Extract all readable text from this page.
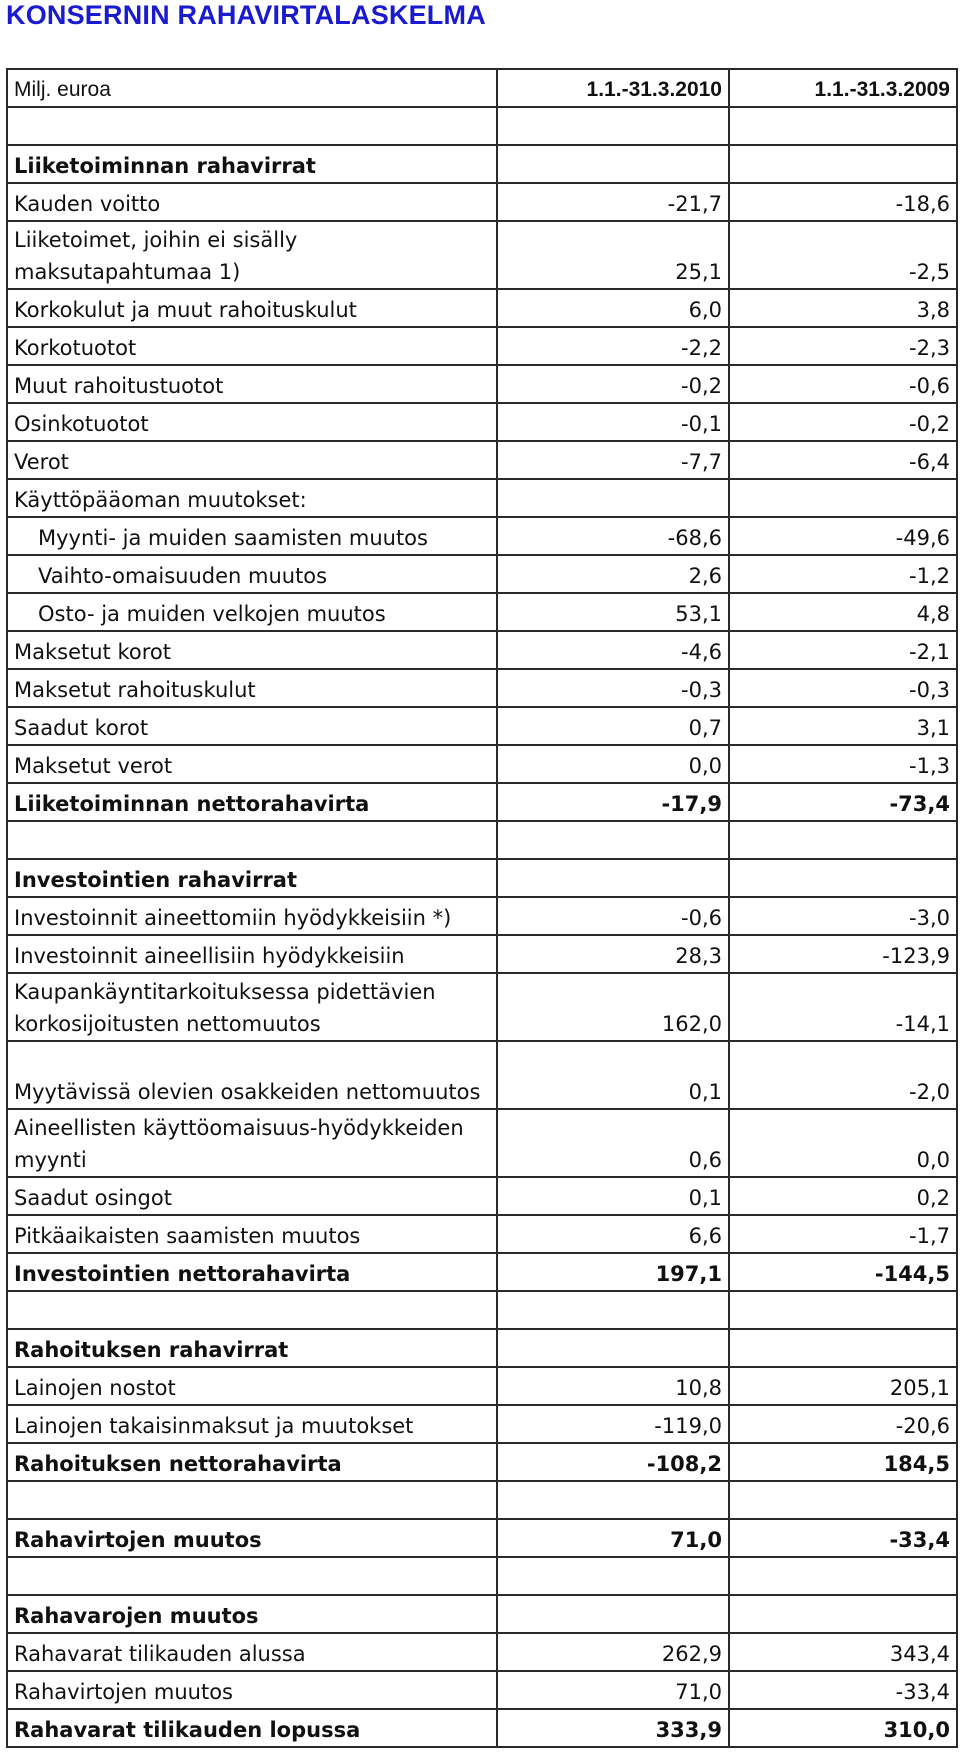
KONSERNIN RAHAVIRTALASKELMA
Milj. euroa	1.1.-31.3.2010	1.1.-31.3.2009

Liiketoiminnan rahavirrat		
Kauden voitto	-21,7	-18,6
Liiketoimet, joihin ei sisälly maksutapahtumaa 1)	25,1	-2,5
Korkokulut ja muut rahoituskulut	6,0	3,8
Korkotuotot	-2,2	-2,3
Muut rahoitustuotot	-0,2	-0,6
Osinkotuotot	-0,1	-0,2
Verot	-7,7	-6,4
Käyttöpääoman muutokset:		
Myynti- ja muiden saamisten muutos	-68,6	-49,6
Vaihto-omaisuuden muutos	2,6	-1,2
Osto- ja muiden velkojen muutos	53,1	4,8
Maksetut korot	-4,6	-2,1
Maksetut rahoituskulut	-0,3	-0,3
Saadut korot	0,7	3,1
Maksetut verot	0,0	-1,3
Liiketoiminnan nettorahavirta	-17,9	-73,4

Investointien rahavirrat		
Investoinnit aineettomiin hyödykkeisiin *)	-0,6	-3,0
Investoinnit aineellisiin hyödykkeisiin	28,3	-123,9
Kaupankäyntitarkoituksessa pidettävien korkosijoitusten nettomuutos	162,0	-14,1
Myytävissä olevien osakkeiden nettomuutos	0,1	-2,0
Aineellisten käyttöomaisuus-hyödykkeiden myynti	0,6	0,0
Saadut osingot	0,1	0,2
Pitkäaikaisten saamisten muutos	6,6	-1,7
Investointien nettorahavirta	197,1	-144,5

Rahoituksen rahavirrat		
Lainojen nostot	10,8	205,1
Lainojen takaisinmaksut ja muutokset	-119,0	-20,6
Rahoituksen nettorahavirta	-108,2	184,5

Rahavirtojen muutos	71,0	-33,4

Rahavarojen muutos		
Rahavarat tilikauden alussa	262,9	343,4
Rahavirtojen muutos	71,0	-33,4
Rahavarat tilikauden lopussa	333,9	310,0
